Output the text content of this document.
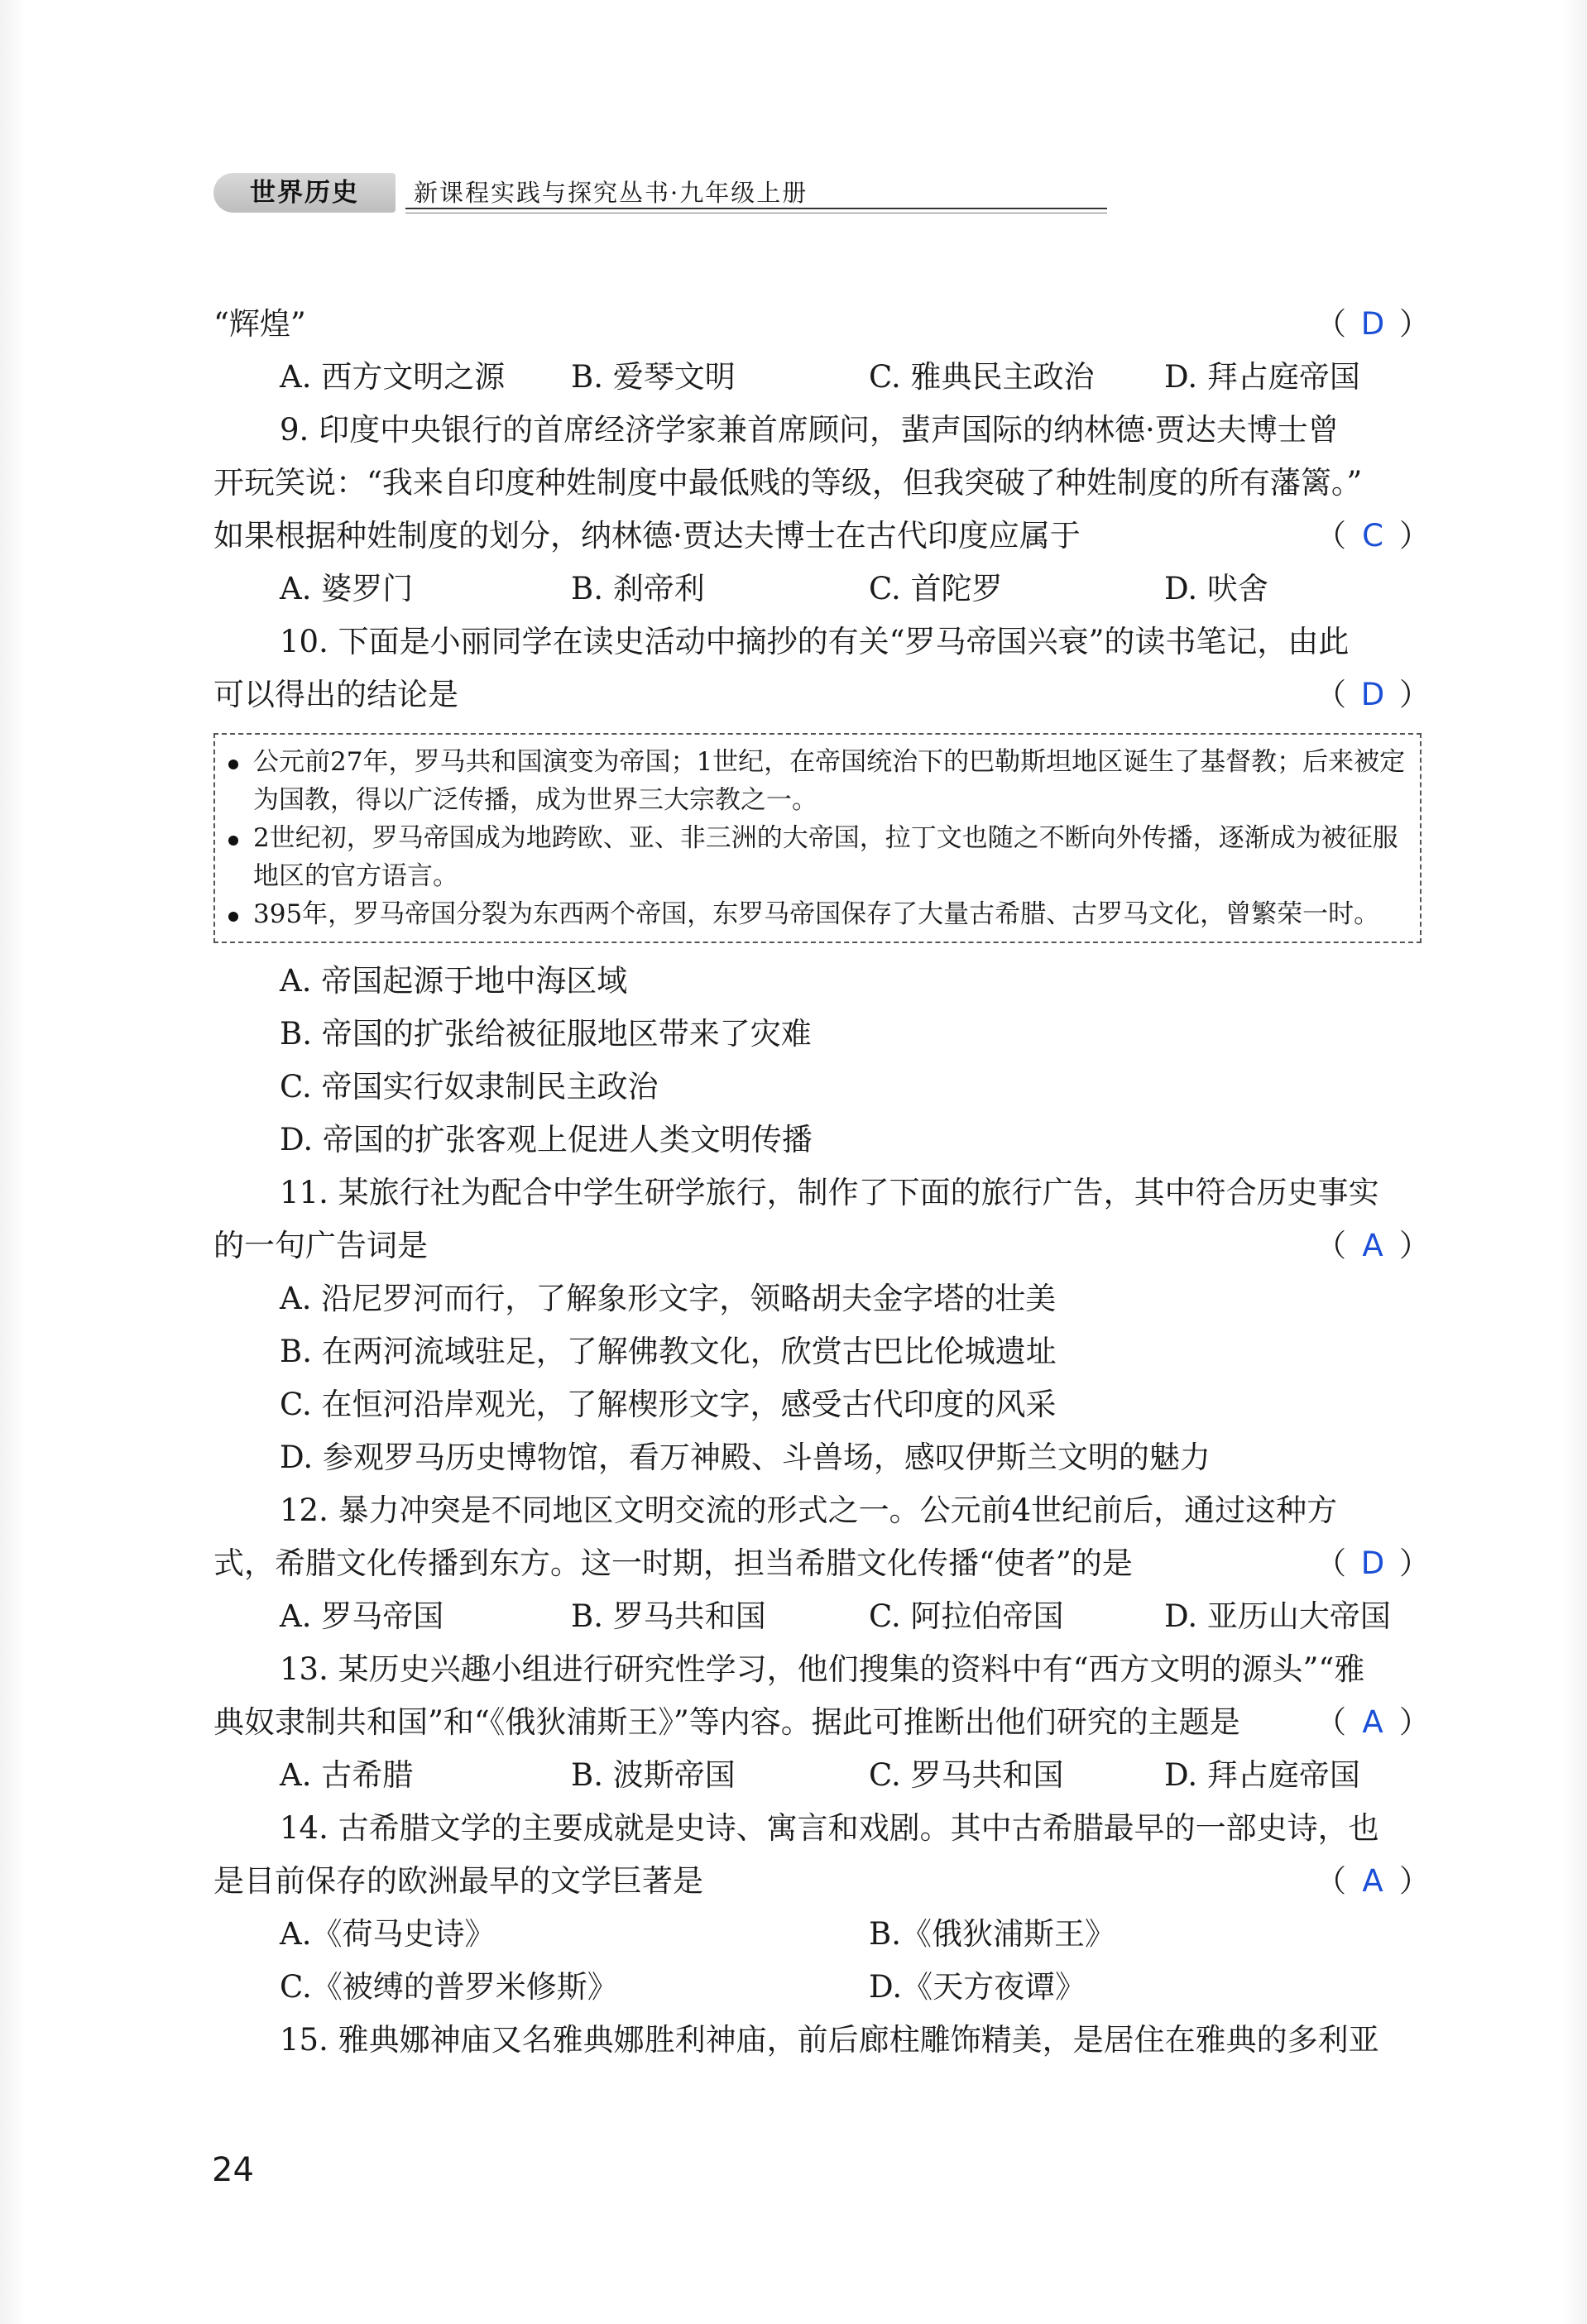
世界历史	新课程实践与探究丛书·九年级上册
“辉煌”	（ D ）
A. 西方文明之源	B. 爱琴文明	C. 雅典民主政治	D. 拜占庭帝国
9. 印度中央银行的首席经济学家兼首席顾问，蜚声国际的纳林德·贾达夫博士曾
开玩笑说：“我来自印度种姓制度中最低贱的等级，但我突破了种姓制度的所有藩篱。”
如果根据种姓制度的划分，纳林德·贾达夫博士在古代印度应属于	（ C ）
A. 婆罗门	B. 刹帝利	C. 首陀罗	D. 吠舍
10. 下面是小丽同学在读史活动中摘抄的有关“罗马帝国兴衰”的读书笔记，由此
可以得出的结论是	（ D ）
公元前27年，罗马共和国演变为帝国；1世纪，在帝国统治下的巴勒斯坦地区诞生了基督教；后来被定为国教，得以广泛传播，成为世界三大宗教之一。
2世纪初，罗马帝国成为地跨欧、亚、非三洲的大帝国，拉丁文也随之不断向外传播，逐渐成为被征服地区的官方语言。
395年，罗马帝国分裂为东西两个帝国，东罗马帝国保存了大量古希腊、古罗马文化，曾繁荣一时。
A. 帝国起源于地中海区域
B. 帝国的扩张给被征服地区带来了灾难
C. 帝国实行奴隶制民主政治
D. 帝国的扩张客观上促进人类文明传播
11. 某旅行社为配合中学生研学旅行，制作了下面的旅行广告，其中符合历史事实
的一句广告词是	（ A ）
A. 沿尼罗河而行，了解象形文字，领略胡夫金字塔的壮美
B. 在两河流域驻足，了解佛教文化，欣赏古巴比伦城遗址
C. 在恒河沿岸观光，了解楔形文字，感受古代印度的风采
D. 参观罗马历史博物馆，看万神殿、斗兽场，感叹伊斯兰文明的魅力
12. 暴力冲突是不同地区文明交流的形式之一。公元前4世纪前后，通过这种方
式，希腊文化传播到东方。这一时期，担当希腊文化传播“使者”的是	（ D ）
A. 罗马帝国	B. 罗马共和国	C. 阿拉伯帝国	D. 亚历山大帝国
13. 某历史兴趣小组进行研究性学习，他们搜集的资料中有“西方文明的源头”“雅
典奴隶制共和国”和“《俄狄浦斯王》”等内容。据此可推断出他们研究的主题是 （ A ）
A. 古希腊	B. 波斯帝国	C. 罗马共和国	D. 拜占庭帝国
14. 古希腊文学的主要成就是史诗、寓言和戏剧。其中古希腊最早的一部史诗，也
是目前保存的欧洲最早的文学巨著是	（ A ）
A.《荷马史诗》	B.《俄狄浦斯王》
C.《被缚的普罗米修斯》	D.《天方夜谭》
15. 雅典娜神庙又名雅典娜胜利神庙，前后廊柱雕饰精美，是居住在雅典的多利亚
24
